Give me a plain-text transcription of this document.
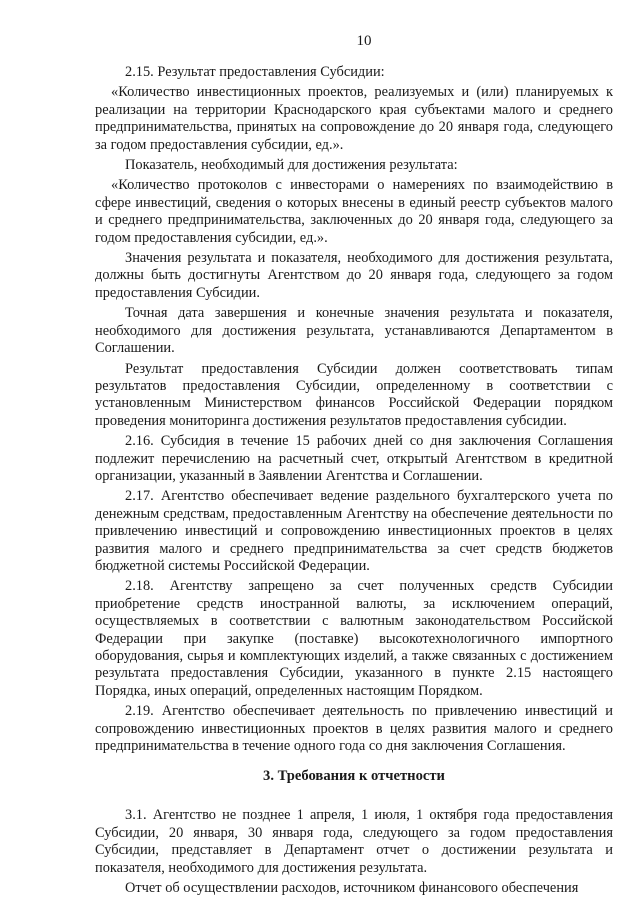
10

2.15. Результат предоставления Субсидии:

«Количество инвестиционных проектов, реализуемых и (или) планируемых к реализации на территории Краснодарского края субъектами малого и среднего предпринимательства, принятых на сопровождение до 20 января года, следующего за годом предоставления субсидии, ед.».

Показатель, необходимый для достижения результата:

«Количество протоколов с инвесторами о намерениях по взаимодействию в сфере инвестиций, сведения о которых внесены в единый реестр субъектов малого и среднего предпринимательства, заключенных до 20 января года, следующего за годом предоставления субсидии, ед.».

Значения результата и показателя, необходимого для достижения результата, должны быть достигнуты Агентством до 20 января года, следующего за годом предоставления Субсидии.

Точная дата завершения и конечные значения результата и показателя, необходимого для достижения результата, устанавливаются Департаментом в Соглашении.

Результат предоставления Субсидии должен соответствовать типам результатов предоставления Субсидии, определенному в соответствии с установленным Министерством финансов Российской Федерации порядком проведения мониторинга достижения результатов предоставления субсидии.

2.16. Субсидия в течение 15 рабочих дней со дня заключения Соглашения подлежит перечислению на расчетный счет, открытый Агентством в кредитной организации, указанный в Заявлении Агентства и Соглашении.

2.17. Агентство обеспечивает ведение раздельного бухгалтерского учета по денежным средствам, предоставленным Агентству на обеспечение деятельности по привлечению инвестиций и сопровождению инвестиционных проектов в целях развития малого и среднего предпринимательства за счет средств бюджетов бюджетной системы Российской Федерации.

2.18. Агентству запрещено за счет полученных средств Субсидии приобретение средств иностранной валюты, за исключением операций, осуществляемых в соответствии с валютным законодательством Российской Федерации при закупке (поставке) высокотехнологичного импортного оборудования, сырья и комплектующих изделий, а также связанных с достижением результата предоставления Субсидии, указанного в пункте 2.15 настоящего Порядка, иных операций, определенных настоящим Порядком.

2.19. Агентство обеспечивает деятельность по привлечению инвестиций и сопровождению инвестиционных проектов в целях развития малого и среднего предпринимательства в течение одного года со дня заключения Соглашения.

3. Требования к отчетности

3.1. Агентство не позднее 1 апреля, 1 июля, 1 октября года предоставления Субсидии, 20 января, 30 января года, следующего за годом предоставления Субсидии, представляет в Департамент отчет о достижении результата и показателя, необходимого для достижения результата.

Отчет об осуществлении расходов, источником финансового обеспечения
